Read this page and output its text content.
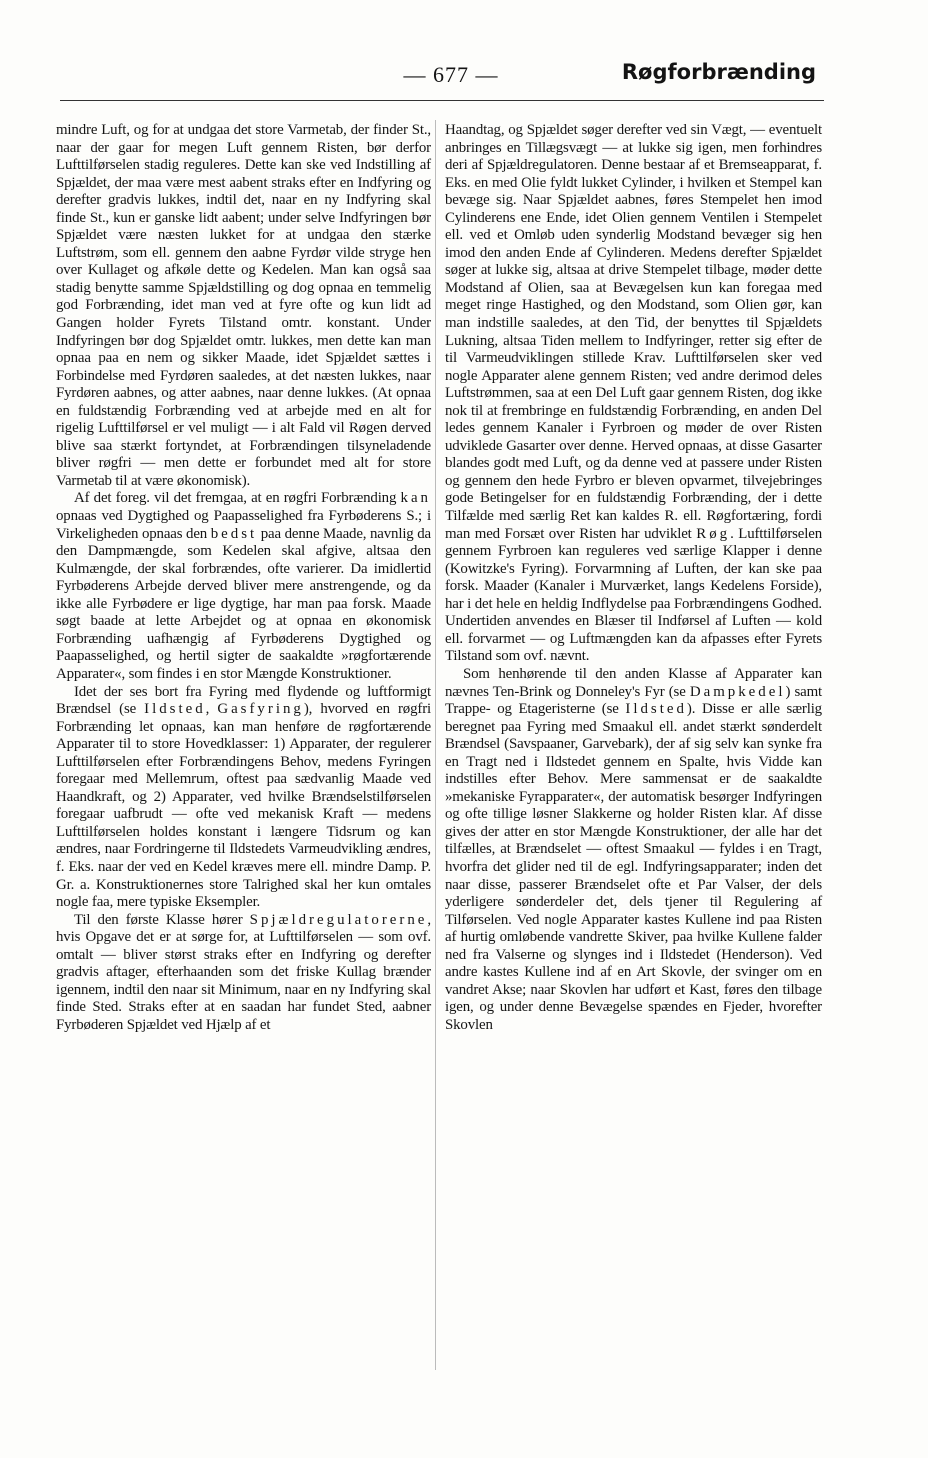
— 677 —	Røgforbrænding

mindre Luft, og for at undgaa det store Varmetab, der finder St., naar der gaar for megen Luft gennem Risten, bør derfor Lufttilførselen stadig reguleres. Dette kan ske ved Indstilling af Spjældet, der maa være mest aabent straks efter en Indfyring og derefter gradvis lukkes, indtil det, naar en ny Indfyring skal finde St., kun er ganske lidt aabent; under selve Indfyringen bør Spjældet være næsten lukket for at undgaa den stærke Luftstrøm, som ell. gennem den aabne Fyrdør vilde stryge hen over Kullaget og afkøle dette og Kedelen. Man kan også saa stadig benytte samme Spjældstilling og dog opnaa en temmelig god Forbrænding, idet man ved at fyre ofte og kun lidt ad Gangen holder Fyrets Tilstand omtr. konstant. Under Indfyringen bør dog Spjældet omtr. lukkes, men dette kan man opnaa paa en nem og sikker Maade, idet Spjældet sættes i Forbindelse med Fyrdøren saaledes, at det næsten lukkes, naar Fyrdøren aabnes, og atter aabnes, naar denne lukkes. (At opnaa en fuldstændig Forbrænding ved at arbejde med en alt for rigelig Lufttilførsel er vel muligt — i alt Fald vil Røgen derved blive saa stærkt fortyndet, at Forbrændingen tilsyneladende bliver røgfri — men dette er forbundet med alt for store Varmetab til at være økonomisk).

Af det foreg. vil det fremgaa, at en røgfri Forbrænding kan opnaas ved Dygtighed og Paapasselighed fra Fyrbøderens S.; i Virkeligheden opnaas den bedst paa denne Maade, navnlig da den Dampmængde, som Kedelen skal afgive, altsaa den Kulmængde, der skal forbrændes, ofte varierer. Da imidlertid Fyrbøderens Arbejde derved bliver mere anstrengende, og da ikke alle Fyrbødere er lige dygtige, har man paa forsk. Maade søgt baade at lette Arbejdet og at opnaa en økonomisk Forbrænding uafhængig af Fyrbøderens Dygtighed og Paapasselighed, og hertil sigter de saakaldte »røgfortærende Apparater«, som findes i en stor Mængde Konstruktioner.

Idet der ses bort fra Fyring med flydende og luftformigt Brændsel (se Ildsted, Gasfyring), hvorved en røgfri Forbrænding let opnaas, kan man henføre de røgfortærende Apparater til to store Hovedklasser: 1) Apparater, der regulerer Lufttilførselen efter Forbrændingens Behov, medens Fyringen foregaar med Mellemrum, oftest paa sædvanlig Maade ved Haandkraft, og 2) Apparater, ved hvilke Brændselstilførselen foregaar uafbrudt — ofte ved mekanisk Kraft — medens Lufttilførselen holdes konstant i længere Tidsrum og kan ændres, naar Fordringerne til Ildstedets Varmeudvikling ændres, f. Eks. naar der ved en Kedel kræves mere ell. mindre Damp. P. Gr. a. Konstruktionernes store Talrighed skal her kun omtales nogle faa, mere typiske Eksempler.

Til den første Klasse hører Spjældregulatorerne, hvis Opgave det er at sørge for, at Lufttilførselen — som ovf. omtalt — bliver størst straks efter en Indfyring og derefter gradvis aftager, efterhaanden som det friske Kullag brænder igennem, indtil den naar sit Minimum, naar en ny Indfyring skal finde Sted. Straks efter at en saadan har fundet Sted, aabner Fyrbøderen Spjældet ved Hjælp af et

Haandtag, og Spjældet søger derefter ved sin Vægt, — eventuelt anbringes en Tillægsvægt — at lukke sig igen, men forhindres deri af Spjældregulatoren. Denne bestaar af et Bremseapparat, f. Eks. en med Olie fyldt lukket Cylinder, i hvilken et Stempel kan bevæge sig. Naar Spjældet aabnes, føres Stempelet hen imod Cylinderens ene Ende, idet Olien gennem Ventilen i Stempelet ell. ved et Omløb uden synderlig Modstand bevæger sig hen imod den anden Ende af Cylinderen. Medens derefter Spjældet søger at lukke sig, altsaa at drive Stempelet tilbage, møder dette Modstand af Olien, saa at Bevægelsen kun kan foregaa med meget ringe Hastighed, og den Modstand, som Olien gør, kan man indstille saaledes, at den Tid, der benyttes til Spjældets Lukning, altsaa Tiden mellem to Indfyringer, retter sig efter de til Varmeudviklingen stillede Krav. Lufttilførselen sker ved nogle Apparater alene gennem Risten; ved andre derimod deles Luftstrømmen, saa at een Del Luft gaar gennem Risten, dog ikke nok til at frembringe en fuldstændig Forbrænding, en anden Del ledes gennem Kanaler i Fyrbroen og møder de over Risten udviklede Gasarter over denne. Herved opnaas, at disse Gasarter blandes godt med Luft, og da denne ved at passere under Risten og gennem den hede Fyrbro er bleven opvarmet, tilvejebringes gode Betingelser for en fuldstændig Forbrænding, der i dette Tilfælde med særlig Ret kan kaldes R. ell. Røgfortæring, fordi man med Forsæt over Risten har udviklet Røg. Lufttilførselen gennem Fyrbroen kan reguleres ved særlige Klapper i denne (Kowitzke's Fyring). Forvarmning af Luften, der kan ske paa forsk. Maader (Kanaler i Murværket, langs Kedelens Forside), har i det hele en heldig Indflydelse paa Forbrændingens Godhed. Undertiden anvendes en Blæser til Indførsel af Luften — kold ell. forvarmet — og Luftmængden kan da afpasses efter Fyrets Tilstand som ovf. nævnt.

Som henhørende til den anden Klasse af Apparater kan nævnes Ten-Brink og Donneley's Fyr (se Dampkedel) samt Trappe- og Etageristerne (se Ildsted). Disse er alle særlig beregnet paa Fyring med Smaakul ell. andet stærkt sønderdelt Brændsel (Savspaaner, Garvebark), der af sig selv kan synke fra en Tragt ned i Ildstedet gennem en Spalte, hvis Vidde kan indstilles efter Behov. Mere sammensat er de saakaldte »mekaniske Fyrapparater«, der automatisk besørger Indfyringen og ofte tillige løsner Slakkerne og holder Risten klar. Af disse gives der atter en stor Mængde Konstruktioner, der alle har det tilfælles, at Brændselet — oftest Smaakul — fyldes i en Tragt, hvorfra det glider ned til de egl. Indfyringsapparater; inden det naar disse, passerer Brændselet ofte et Par Valser, der dels yderligere sønderdeler det, dels tjener til Regulering af Tilførselen. Ved nogle Apparater kastes Kullene ind paa Risten af hurtig omløbende vandrette Skiver, paa hvilke Kullene falder ned fra Valserne og slynges ind i Ildstedet (Henderson). Ved andre kastes Kullene ind af en Art Skovle, der svinger om en vandret Akse; naar Skovlen har udført et Kast, føres den tilbage igen, og under denne Bevægelse spændes en Fjeder, hvorefter Skovlen
